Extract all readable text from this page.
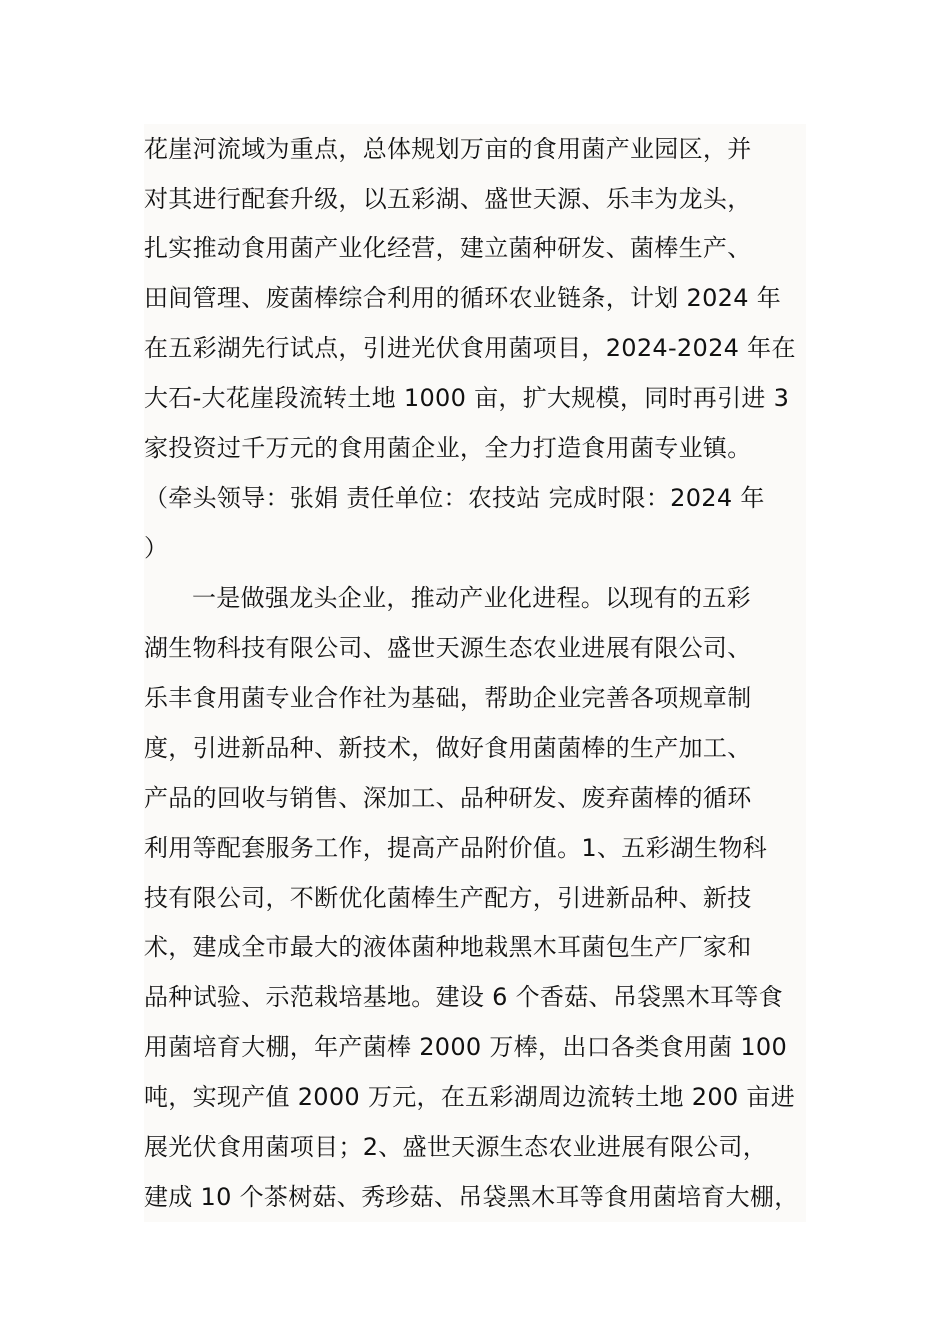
花崖河流域为重点，总体规划万亩的食用菌产业园区，并
对其进行配套升级，以五彩湖、盛世天源、乐丰为龙头，
扎实推动食用菌产业化经营，建立菌种研发、菌棒生产、
田间管理、废菌棒综合利用的循环农业链条，计划 2024 年
在五彩湖先行试点，引进光伏食用菌项目，2024-2024 年在
大石-大花崖段流转土地 1000 亩，扩大规模，同时再引进 3
家投资过千万元的食用菌企业，全力打造食用菌专业镇。
（牵头领导：张娟 责任单位：农技站 完成时限：2024 年
）
一是做强龙头企业，推动产业化进程。以现有的五彩
湖生物科技有限公司、盛世天源生态农业进展有限公司、
乐丰食用菌专业合作社为基础，帮助企业完善各项规章制
度，引进新品种、新技术，做好食用菌菌棒的生产加工、
产品的回收与销售、深加工、品种研发、废弃菌棒的循环
利用等配套服务工作，提高产品附价值。1、五彩湖生物科
技有限公司，不断优化菌棒生产配方，引进新品种、新技
术，建成全市最大的液体菌种地栽黑木耳菌包生产厂家和
品种试验、示范栽培基地。建设 6 个香菇、吊袋黑木耳等食
用菌培育大棚，年产菌棒 2000 万棒，出口各类食用菌 100
吨，实现产值 2000 万元，在五彩湖周边流转土地 200 亩进
展光伏食用菌项目；2、盛世天源生态农业进展有限公司，
建成 10 个茶树菇、秀珍菇、吊袋黑木耳等食用菌培育大棚，
